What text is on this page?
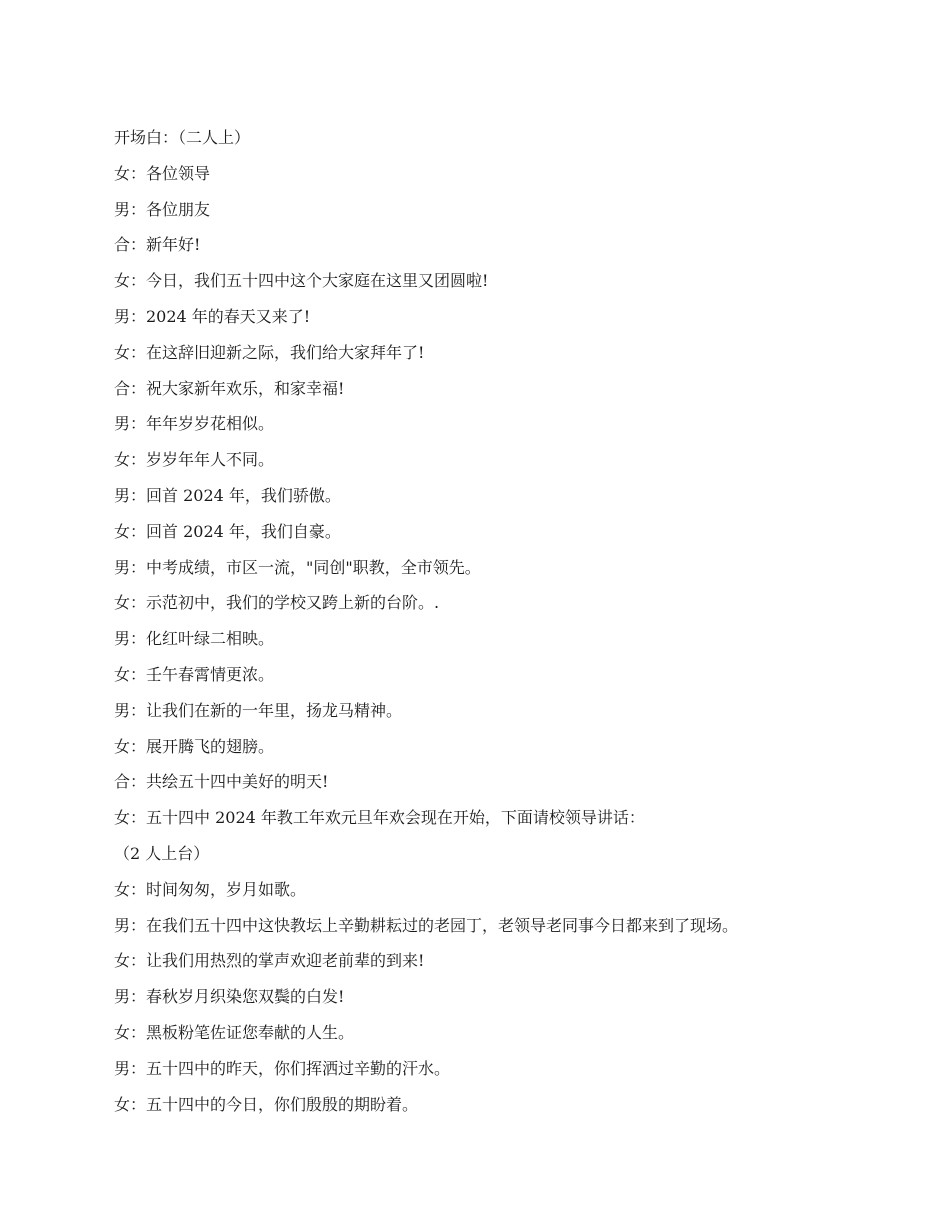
开场白：（二人上）
女：各位领导
男：各位朋友
合：新年好!
女：今日，我们五十四中这个大家庭在这里又团圆啦!
男：2024 年的春天又来了!
女：在这辞旧迎新之际，我们给大家拜年了!
合：祝大家新年欢乐，和家幸福!
男：年年岁岁花相似。
女：岁岁年年人不同。
男：回首 2024 年，我们骄傲。
女：回首 2024 年，我们自豪。
男：中考成绩，市区一流，"同创"职教，全市领先。
女：示范初中，我们的学校又跨上新的台阶。.
男：化红叶绿二相映。
女：壬午春霄情更浓。
男：让我们在新的一年里，扬龙马精神。
女：展开腾飞的翅膀。
合：共绘五十四中美好的明天!
女：五十四中 2024 年教工年欢元旦年欢会现在开始，下面请校领导讲话：
（2 人上台）
女：时间匆匆，岁月如歌。
男：在我们五十四中这快教坛上辛勤耕耘过的老园丁，老领导老同事今日都来到了现场。
女：让我们用热烈的掌声欢迎老前辈的到来!
男：春秋岁月织染您双鬓的白发!
女：黑板粉笔佐证您奉献的人生。
男：五十四中的昨天，你们挥洒过辛勤的汗水。
女：五十四中的今日，你们殷殷的期盼着。
